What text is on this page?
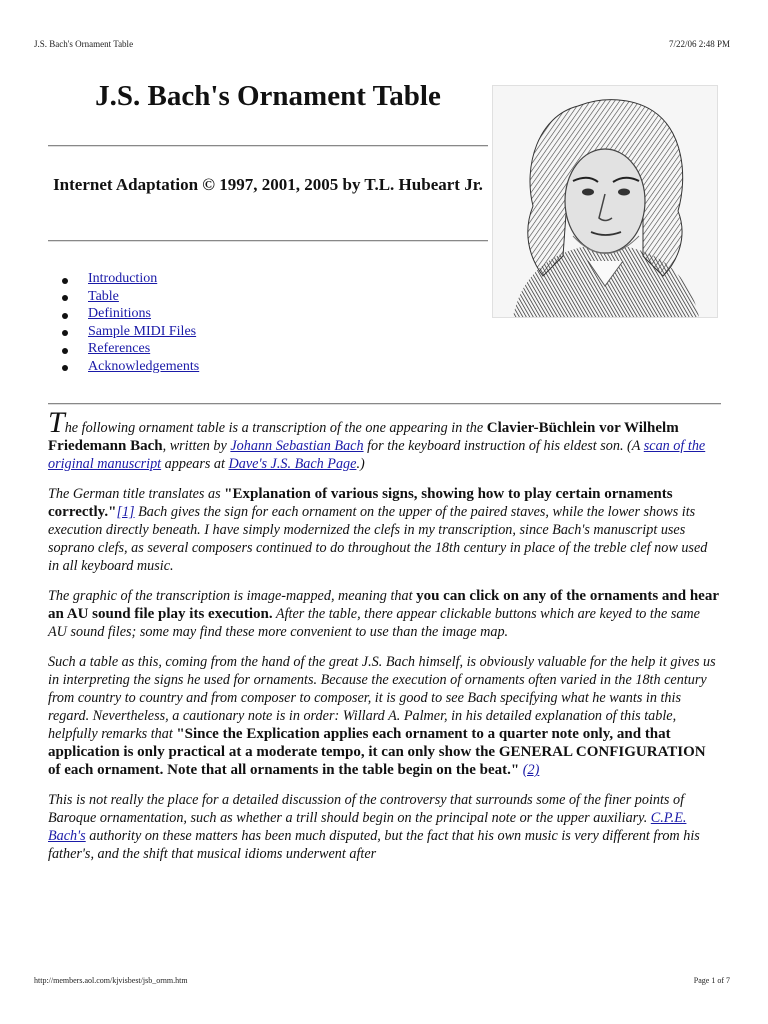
J.S. Bach's Ornament Table	7/22/06 2:48 PM
J.S. Bach's Ornament Table

Internet Adaptation © 1997, 2001, 2005 by T.L. Hubeart Jr.

Introduction
Table
Definitions
Sample MIDI Files
References
Acknowledgements

The following ornament table is a transcription of the one appearing in the Clavier-Büchlein vor Wilhelm Friedemann Bach, written by Johann Sebastian Bach for the keyboard instruction of his eldest son. (A scan of the original manuscript appears at Dave's J.S. Bach Page.)

The German title translates as "Explanation of various signs, showing how to play certain ornaments correctly."[1] Bach gives the sign for each ornament on the upper of the paired staves, while the lower shows its execution directly beneath. I have simply modernized the clefs in my transcription, since Bach's manuscript uses soprano clefs, as several composers continued to do throughout the 18th century in place of the treble clef now used in all keyboard music.

The graphic of the transcription is image-mapped, meaning that you can click on any of the ornaments and hear an AU sound file play its execution. After the table, there appear clickable buttons which are keyed to the same AU sound files; some may find these more convenient to use than the image map.

Such a table as this, coming from the hand of the great J.S. Bach himself, is obviously valuable for the help it gives us in interpreting the signs he used for ornaments. Because the execution of ornaments often varied in the 18th century from country to country and from composer to composer, it is good to see Bach specifying what he wants in this regard. Nevertheless, a cautionary note is in order: Willard A. Palmer, in his detailed explanation of this table, helpfully remarks that "Since the Explication applies each ornament to a quarter note only, and that application is only practical at a moderate tempo, it can only show the GENERAL CONFIGURATION of each ornament. Note that all ornaments in the table begin on the beat." (2)

This is not really the place for a detailed discussion of the controversy that surrounds some of the finer points of Baroque ornamentation, such as whether a trill should begin on the principal note or the upper auxiliary. C.P.E. Bach's authority on these matters has been much disputed, but the fact that his own music is very different from his father's, and the shift that musical idioms underwent after

http://members.aol.com/kjvisbest/jsb_ornm.htm	Page 1 of 7
